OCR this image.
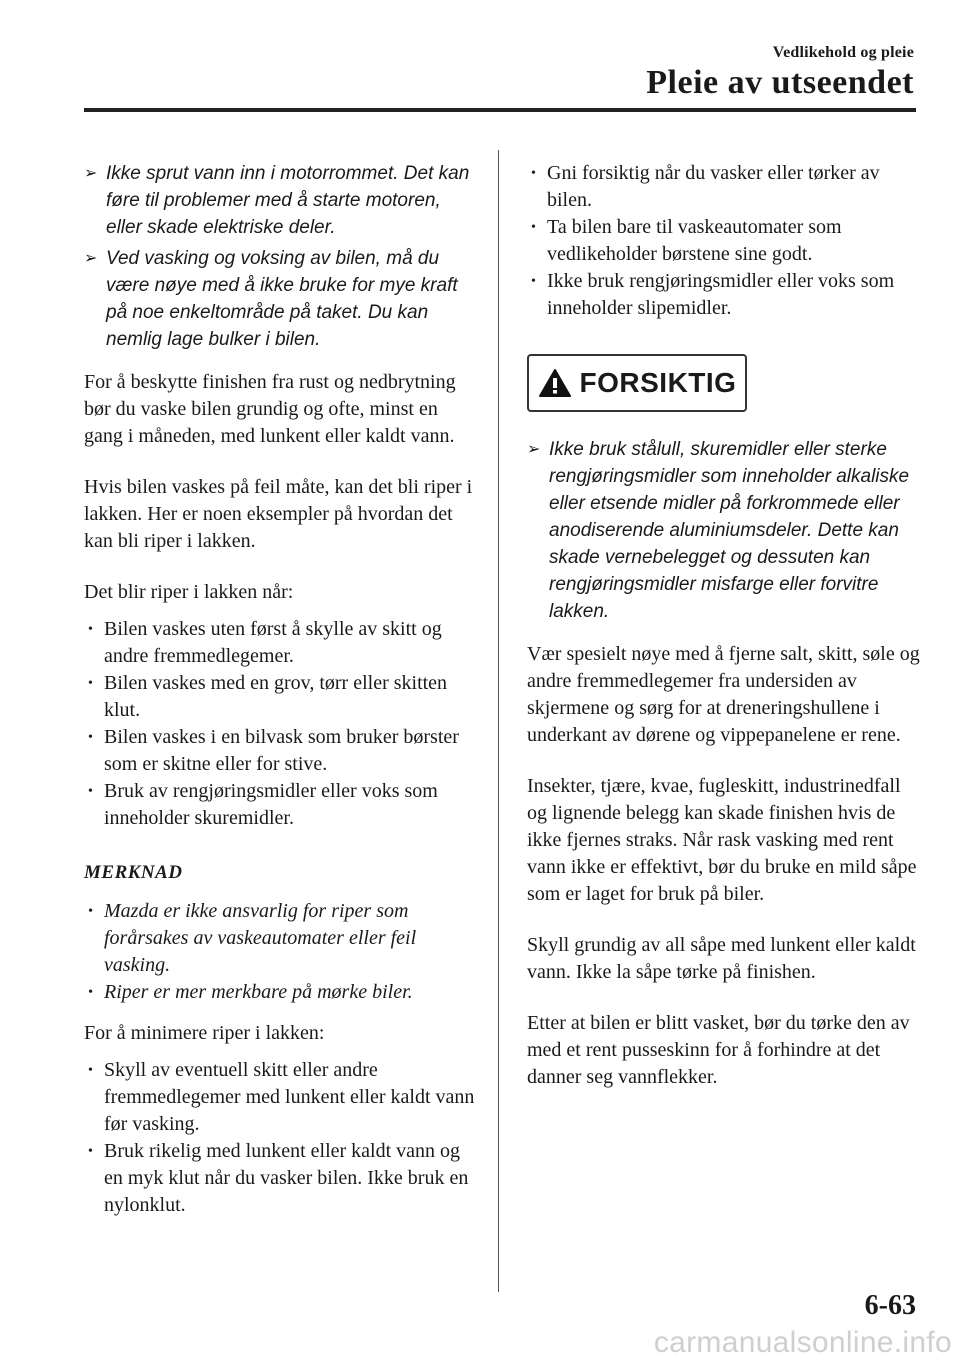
Vedlikehold og pleie
Pleie av utseendet
➢ Ikke sprut vann inn i motorrommet. Det kan føre til problemer med å starte motoren, eller skade elektriske deler.
➢ Ved vasking og voksing av bilen, må du være nøye med å ikke bruke for mye kraft på noe enkeltområde på taket. Du kan nemlig lage bulker i bilen.

For å beskytte finishen fra rust og nedbrytning bør du vaske bilen grundig og ofte, minst en gang i måneden, med lunkent eller kaldt vann.

Hvis bilen vaskes på feil måte, kan det bli riper i lakken. Her er noen eksempler på hvordan det kan bli riper i lakken.

Det blir riper i lakken når:

• Bilen vaskes uten først å skylle av skitt og andre fremmedlegemer.
• Bilen vaskes med en grov, tørr eller skitten klut.
• Bilen vaskes i en bilvask som bruker børster som er skitne eller for stive.
• Bruk av rengjøringsmidler eller voks som inneholder skuremidler.
MERKNAD
• Mazda er ikke ansvarlig for riper som forårsakes av vaskeautomater eller feil vasking.
• Riper er mer merkbare på mørke biler.

For å minimere riper i lakken:

• Skyll av eventuell skitt eller andre fremmedlegemer med lunkent eller kaldt vann før vasking.
• Bruk rikelig med lunkent eller kaldt vann og en myk klut når du vasker bilen. Ikke bruk en nylonklut.
• Gni forsiktig når du vasker eller tørker av bilen.
• Ta bilen bare til vaskeautomater som vedlikeholder børstene sine godt.
• Ikke bruk rengjøringsmidler eller voks som inneholder slipemidler.
FORSIKTIG
➢ Ikke bruk stålull, skuremidler eller sterke rengjøringsmidler som inneholder alkaliske eller etsende midler på forkrommede eller anodiserende aluminiumsdeler. Dette kan skade vernebelegget og dessuten kan rengjøringsmidler misfarge eller forvitre lakken.

Vær spesielt nøye med å fjerne salt, skitt, søle og andre fremmedlegemer fra undersiden av skjermene og sørg for at dreneringshullene i underkant av dørene og vippepanelene er rene.

Insekter, tjære, kvae, fugleskitt, industrinedfall og lignende belegg kan skade finishen hvis de ikke fjernes straks. Når rask vasking med rent vann ikke er effektivt, bør du bruke en mild såpe som er laget for bruk på biler.

Skyll grundig av all såpe med lunkent eller kaldt vann. Ikke la såpe tørke på finishen.

Etter at bilen er blitt vasket, bør du tørke den av med et rent pusseskinn for å forhindre at det danner seg vannflekker.

6-63
carmanualsonline.info
